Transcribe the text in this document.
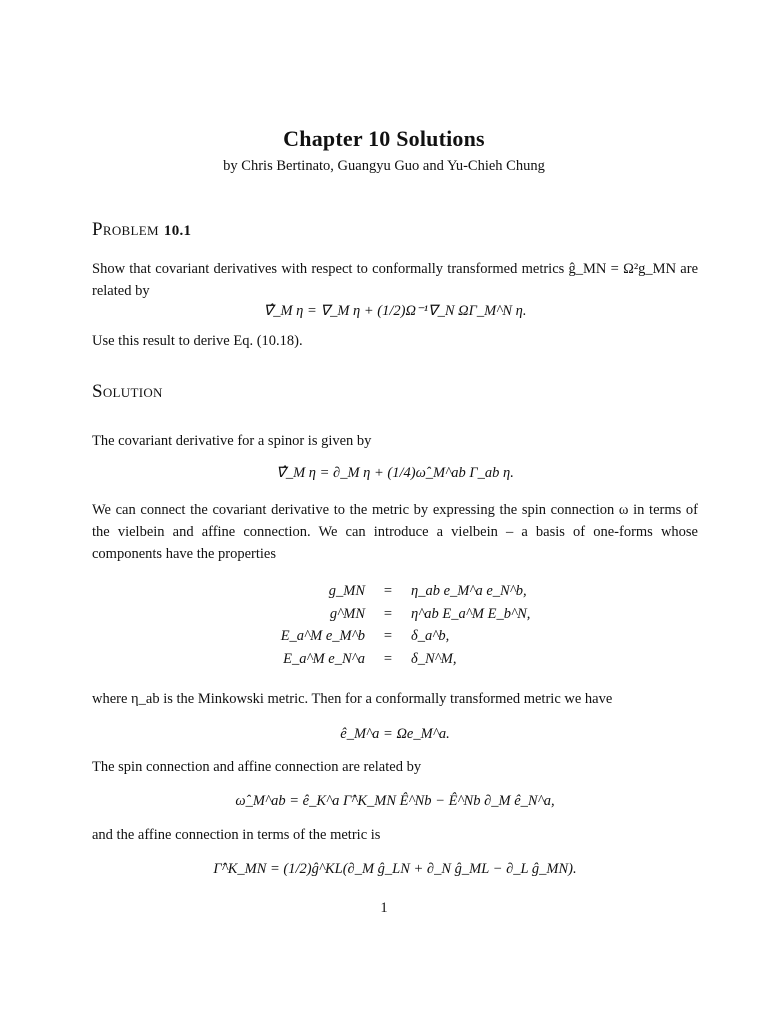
Chapter 10 Solutions
by Chris Bertinato, Guangyu Guo and Yu-Chieh Chung
Problem 10.1
Show that covariant derivatives with respect to conformally transformed metrics ĝ_MN = Ω²g_MN are related by
∇̂_M η = ∇_M η + (1/2)Ω⁻¹∇_N ΩΓ_M^N η.
Use this result to derive Eq. (10.18).
Solution
The covariant derivative for a spinor is given by
∇̂_M η = ∂_M η + (1/4)ω̂_M^ab Γ_ab η.
We can connect the covariant derivative to the metric by expressing the spin connection ω in terms of the vielbein and affine connection. We can introduce a vielbein – a basis of one-forms whose components have the properties
g_MN	=	η_ab e_M^a e_N^b,
g^MN	=	η^ab E_a^M E_b^N,
E_a^M e_M^b	=	δ_a^b,
E_a^M e_N^a	=	δ_N^M,
where η_ab is the Minkowski metric. Then for a conformally transformed metric we have
ê_M^a = Ωe_M^a.
The spin connection and affine connection are related by
ω̂_M^ab = ê_K^a Γ̂^K_MN Ê^Nb − Ê^Nb ∂_M ê_N^a,
and the affine connection in terms of the metric is
Γ̂^K_MN = (1/2)ĝ^KL(∂_M ĝ_LN + ∂_N ĝ_ML − ∂_L ĝ_MN).
1
